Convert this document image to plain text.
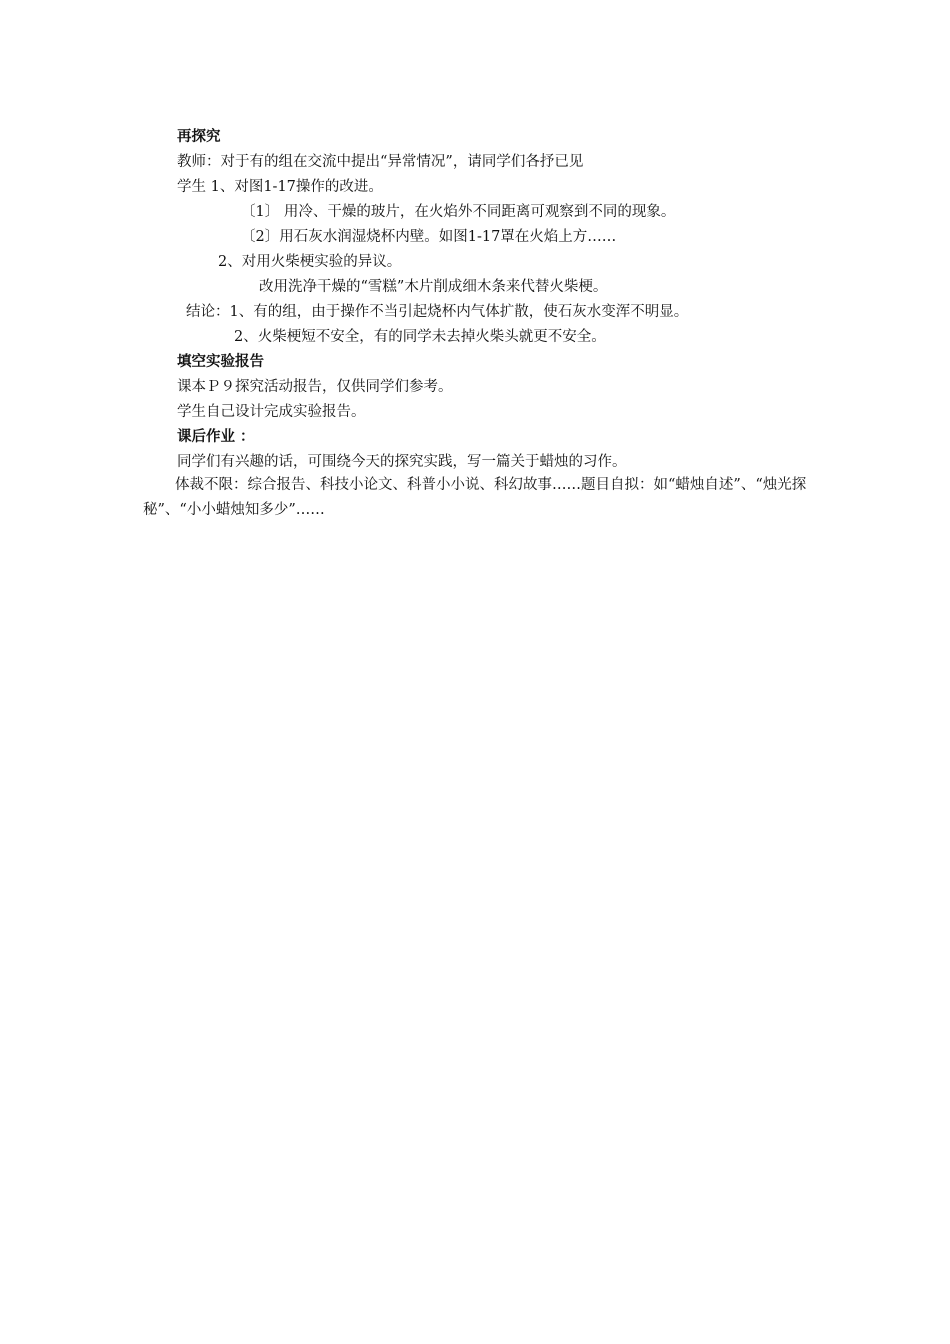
再探究
教师：对于有的组在交流中提出“异常情况”，请同学们各抒已见
学生 1、对图1-17操作的改进。
〔1〕 用冷、干燥的玻片，在火焰外不同距离可观察到不同的现象。
〔2〕用石灰水润湿烧杯内壁。如图1-17罩在火焰上方……
2、对用火柴梗实验的异议。
改用洗净干燥的“雪糕”木片削成细木条来代替火柴梗。
结论：1、有的组，由于操作不当引起烧杯内气体扩散，使石灰水变浑不明显。
2、火柴梗短不安全，有的同学未去掉火柴头就更不安全。
填空实验报告
课本Ｐ９探究活动报告，仅供同学们参考。
学生自己设计完成实验报告。
课后作业 ：
同学们有兴趣的话，可围绕今天的探究实践，写一篇关于蜡烛的习作。
体裁不限：综合报告、科技小论文、科普小小说、科幻故事……题目自拟：如“蜡烛自述”、“烛光探秘”、“小小蜡烛知多少”……
